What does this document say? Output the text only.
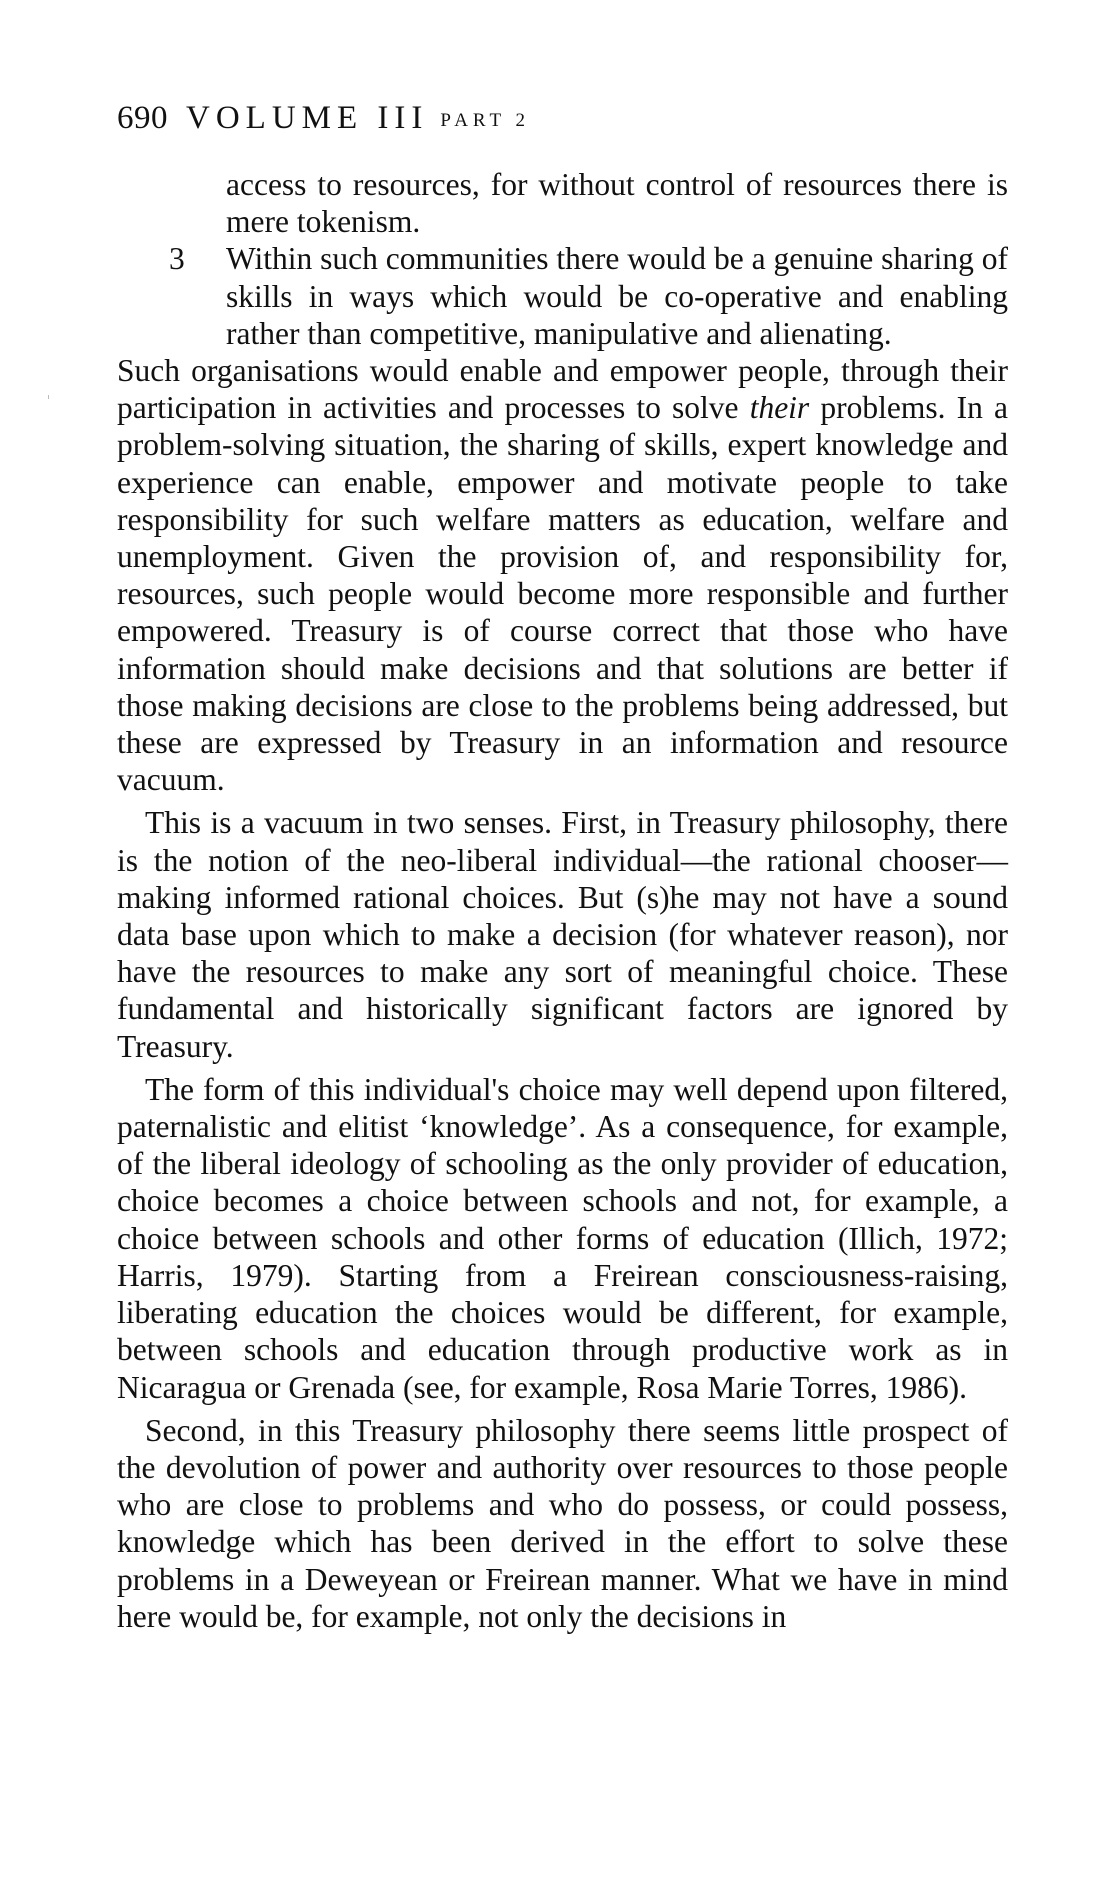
690 VOLUME III PART 2
access to resources, for without control of resources there is mere tokenism.
3 Within such communities there would be a genuine sharing of skills in ways which would be co-operative and enabling rather than competitive, manipulative and alienating.
Such organisations would enable and empower people, through their participation in activities and processes to solve their problems. In a problem-solving situation, the sharing of skills, expert knowledge and experience can enable, empower and motivate people to take responsibility for such welfare matters as education, welfare and unemployment. Given the provision of, and responsibility for, resources, such people would become more responsible and further empowered. Treasury is of course correct that those who have information should make decisions and that solutions are better if those making decisions are close to the problems being addressed, but these are expressed by Treasury in an information and resource vacuum.
This is a vacuum in two senses. First, in Treasury philosophy, there is the notion of the neo-liberal individual—the rational chooser—making informed rational choices. But (s)he may not have a sound data base upon which to make a decision (for whatever reason), nor have the resources to make any sort of meaningful choice. These fundamental and historically significant factors are ignored by Treasury.
The form of this individual's choice may well depend upon filtered, paternalistic and elitist ‘knowledge’. As a consequence, for example, of the liberal ideology of schooling as the only provider of education, choice becomes a choice between schools and not, for example, a choice between schools and other forms of education (Illich, 1972; Harris, 1979). Starting from a Freirean consciousness-raising, liberating education the choices would be different, for example, between schools and education through productive work as in Nicaragua or Grenada (see, for example, Rosa Marie Torres, 1986).
Second, in this Treasury philosophy there seems little prospect of the devolution of power and authority over resources to those people who are close to problems and who do possess, or could possess, knowledge which has been derived in the effort to solve these problems in a Deweyean or Freirean manner. What we have in mind here would be, for example, not only the decisions in
